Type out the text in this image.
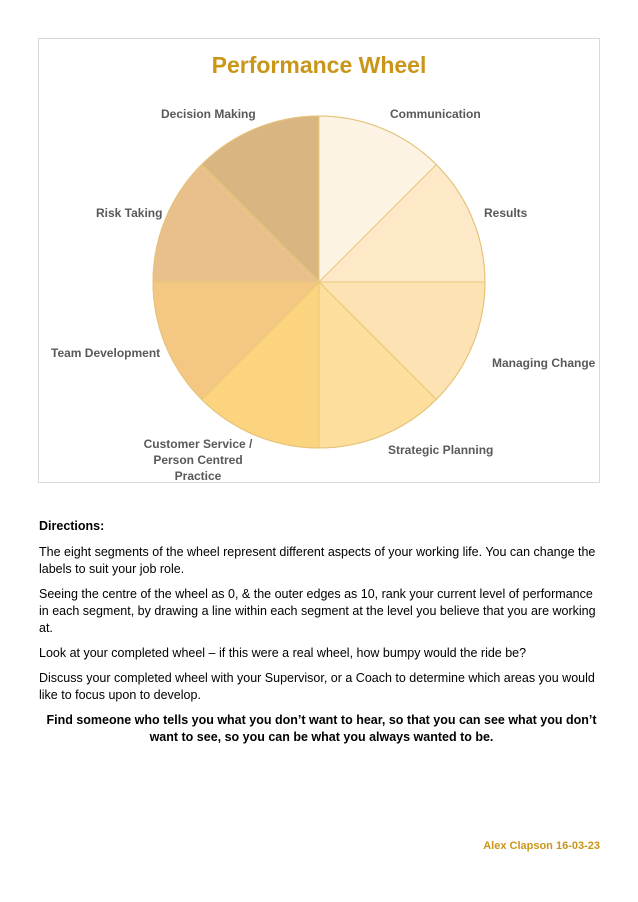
Performance Wheel
Communication
Results
Managing Change
Strategic Planning
Customer Service /
Person Centred
Practice
Team Development
Risk Taking
Decision Making

Directions:

The eight segments of the wheel represent different aspects of your working life. You can change the labels to suit your job role.

Seeing the centre of the wheel as 0, & the outer edges as 10, rank your current level of performance in each segment, by drawing a line within each segment at the level you believe that you are working at.

Look at your completed wheel – if this were a real wheel, how bumpy would the ride be?

Discuss your completed wheel with your Supervisor, or a Coach to determine which areas you would like to focus upon to develop.

Find someone who tells you what you don’t want to hear, so that you can see what you don’t want to see, so you can be what you always wanted to be.

Alex Clapson 16-03-23
